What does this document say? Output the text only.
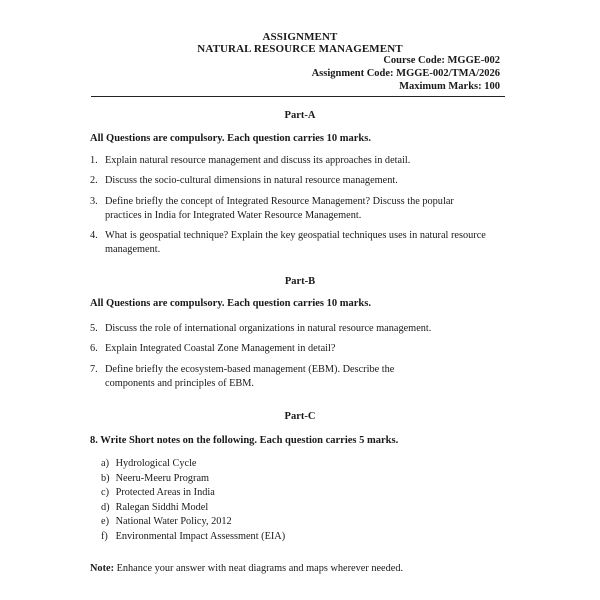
ASSIGNMENT
NATURAL RESOURCE MANAGEMENT
Course Code: MGGE-002
Assignment Code: MGGE-002/TMA/2026
Maximum Marks: 100
Part-A
All Questions are compulsory. Each question carries 10 marks.
1. Explain natural resource management and discuss its approaches in detail.
2. Discuss the socio-cultural dimensions in natural resource management.
3. Define briefly the concept of Integrated Resource Management? Discuss the popular practices in India for Integrated Water Resource Management.
4. What is geospatial technique? Explain the key geospatial techniques uses in natural resource management.
Part-B
All Questions are compulsory. Each question carries 10 marks.
5. Discuss the role of international organizations in natural resource management.
6. Explain Integrated Coastal Zone Management in detail?
7. Define briefly the ecosystem-based management (EBM). Describe the components and principles of EBM.
Part-C
8. Write Short notes on the following. Each question carries 5 marks.
a) Hydrological Cycle
b) Neeru-Meeru Program
c) Protected Areas in India
d) Ralegan Siddhi Model
e) National Water Policy, 2012
f) Environmental Impact Assessment (EIA)
Note: Enhance your answer with neat diagrams and maps wherever needed.
